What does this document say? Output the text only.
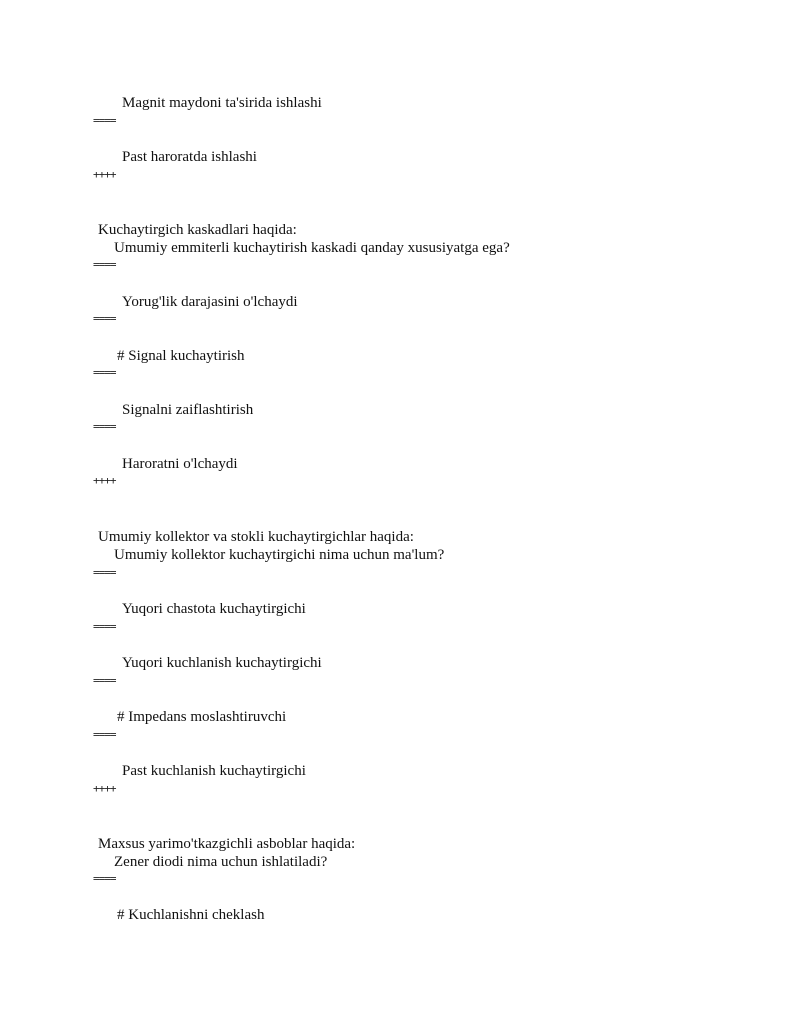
Magnit maydoni ta'sirida ishlashi
====
Past haroratda ishlashi
++++
Kuchaytirgich kaskadlari haqida:
Umumiy emmiterli kuchaytirish kaskadi qanday xususiyatga ega?
====
Yorug'lik darajasini o'lchaydi
====
# Signal kuchaytirish
====
Signalni zaiflashtirish
====
Haroratni o'lchaydi
++++
Umumiy kollektor va stokli kuchaytirgichlar haqida:
Umumiy kollektor kuchaytirgichi nima uchun ma'lum?
====
Yuqori chastota kuchaytirgichi
====
Yuqori kuchlanish kuchaytirgichi
====
# Impedans moslashtiruvchi
====
Past kuchlanish kuchaytirgichi
++++
Maxsus yarimo'tkazgichli asboblar haqida:
Zener diodi nima uchun ishlatiladi?
====
# Kuchlanishni cheklash
